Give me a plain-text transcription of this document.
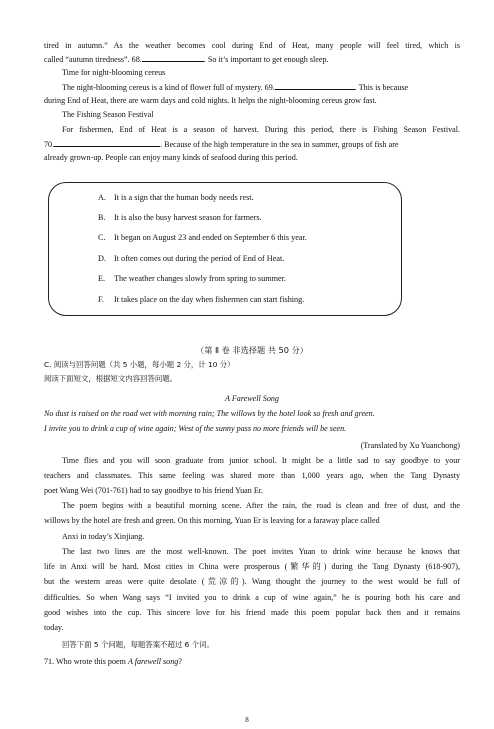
tired in autumn.” As the weather becomes cool during End of Heat, many people will feel tired, which is
called “autumn tiredness”. 68.	. So it’s important to get enough sleep.
Time for night-blooming cereus
The night-blooming cereus is a kind of flower full of mystery. 69.	. This is because
during End of Heat, there are warm days and cold nights. It helps the night-blooming cereus grow fast.
The Fishing Season Festival
For fishermen, End of Heat is a season of harvest. During this period, there is Fishing Season Festival.
70.	. Because of the high temperature in the sea in summer, groups of fish are
already grown-up. People can enjoy many kinds of seafood during this period.
A. It is a sign that the human body needs rest.
B. It is also the busy harvest season for farmers.
C. It began on August 23 and ended on September 6 this year.
D. It often comes out during the period of End of Heat.
E. The weather changes slowly from spring to summer.
F. It takes place on the day when fishermen can start fishing.
（第 Ⅱ 卷 非选择题 共 50 分）
C. 阅读与回答问题（共 5 小题，每小题 2 分，计 10 分）
阅读下面短文，根据短文内容回答问题。
A Farewell Song
No dust is raised on the road wet with morning rain; The willows by the hotel look so fresh and green.
I invite you to drink a cup of wine again; West of the sunny pass no more friends will be seen.
(Translated by Xu Yuanchong)
Time flies and you will soon graduate from junior school. It might be a little sad to say goodbye to your
teachers and classmates. This same feeling was shared more than 1,000 years ago, when the Tang Dynasty
poet Wang Wei (701-761) had to say goodbye to his friend Yuan Er.
The poem begins with a beautiful morning scene. After the rain, the road is clean and free of dust, and the
willows by the hotel are fresh and green. On this morning, Yuan Er is leaving for a faraway place called
Anxi in today’s Xinjiang.
The last two lines are the most well-known. The poet invites Yuan to drink wine because he knows that
life in Anxi will be hard. Most cities in China were prosperous (繁华的) during the Tang Dynasty (618-907),
but the western areas were quite desolate (荒凉的). Wang thought the journey to the west would be full of
difficulties. So when Wang says “I invited you to drink a cup of wine again,” he is pouring both his care and
good wishes into the cup. This sincere love for his friend made this poem popular back then and it remains
today.
回答下面 5 个问题，每题答案不超过 6 个词。
71. Who wrote this poem A farewell song?
8
